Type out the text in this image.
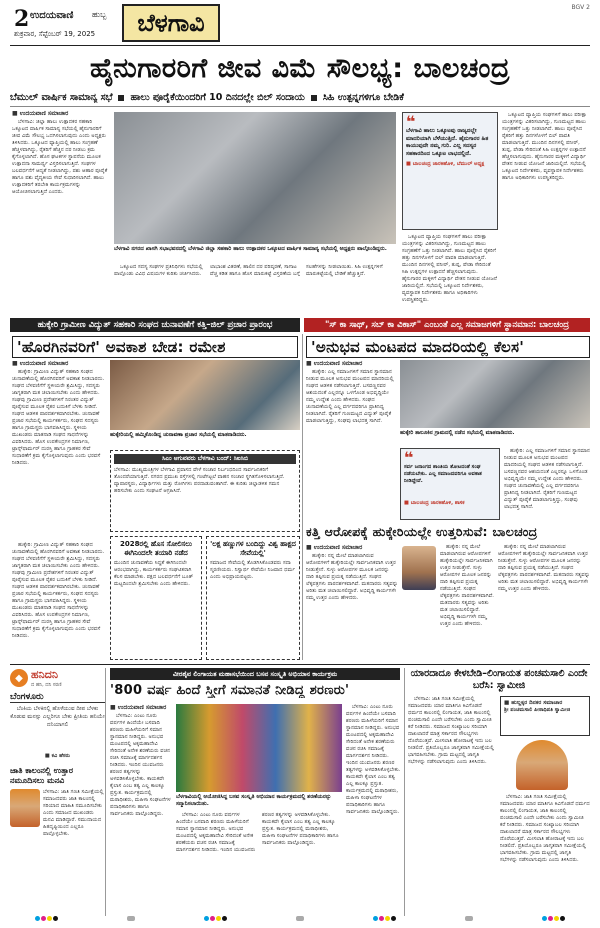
2 ಉದಯವಾಣಿ ಹುಬ್ಬ
ಶುಕ್ರವಾರ, ಸೆಪ್ಟೆಂಬರ್ 19, 2025	ಬೆಳಗಾವಿ
BGV 2
ಹೈನುಗಾರರಿಗೆ ಜೀವ ವಿಮೆ ಸೌಲಭ್ಯ: ಬಾಲಚಂದ್ರ
ಬೆಮುಲ್ ವಾರ್ಷಿಕ ಸಾಮಾನ್ಯ ಸಭೆ ಹಾಲು ಪೂರೈಕೆಯಿಂದರಿಗೆ 10 ದಿನದಲ್ಲೇ ಬಿಲ್ ಸಂದಾಯ ಸಿಹಿ ಉತ್ಪನ್ನಗಳಿಗೂ ಬೇಡಿಕೆ
■ ಉದಯವಾಣಿ ಸಮಾಚಾರ

ಬೆಳಗಾವಿ: ಜಿಲ್ಲಾ ಹಾಲು ಉತ್ಪಾದಕರ ಸಹಕಾರಿ ಒಕ್ಕೂಟದ ವಾರ್ಷಿಕ ಸಾಮಾನ್ಯ ಸಭೆಯಲ್ಲಿ ಹೈನುಗಾರರಿಗೆ ಜೀವ ವಿಮೆ ಸೌಲಭ್ಯ ಒದಗಿಸಲಾಗುವುದು ಎಂದು ಅಧ್ಯಕ್ಷರು ತಿಳಿಸಿದರು. ಒಕ್ಕೂಟದ ವ್ಯಾಪ್ತಿಯಲ್ಲಿ ಹಾಲು ಸಂಗ್ರಹಣೆ ಹೆಚ್ಚಳವಾಗಿದ್ದು, ರೈತರಿಗೆ ಹೆಚ್ಚಿನ ದರ ನೀಡಲು ಕ್ರಮ ಕೈಗೊಳ್ಳಲಾಗಿದೆ. ಹೊಸ ಘಟಕಗಳ ಸ್ಥಾಪನೆಯ ಮೂಲಕ ಉತ್ಪಾದನಾ ಸಾಮರ್ಥ್ಯ ವಿಸ್ತರಿಸಲಾಗುತ್ತಿದೆ. ಸಂಘಗಳ ಬಲವರ್ಧನೆಗೆ ಆದ್ಯತೆ ನೀಡಲಾಗಿದ್ದು, ಪಶು ಆಹಾರ ಪೂರೈಕೆ ಹಾಗೂ ಪಶು ವೈದ್ಯಕೀಯ ಸೇವೆ ಸುಧಾರಿಸಲಾಗಿದೆ. ಹಾಲು ಉತ್ಪಾದಕರಿಗೆ ತರಬೇತಿ ಕಾರ್ಯಕ್ರಮಗಳನ್ನು ಆಯೋಜಿಸಲಾಗುತ್ತಿದೆ ಎಂದರು.

ಬೆಳಗಾವಿ ನಗರದ ಖಾಸಗಿ ಸಭಾಭವನದಲ್ಲಿ ಬೆಳಗಾವಿ ಜಿಲ್ಲಾ ಸಹಕಾರಿ ಹಾಲು ಉತ್ಪಾದಕರ ಒಕ್ಕೂಟದ ವಾರ್ಷಿಕ ಸಾಮಾನ್ಯ ಸಭೆಯಲ್ಲಿ ಅಧ್ಯಕ್ಷರು ಪಾಲ್ಗೊಂಡಿದ್ದರು.

ಒಕ್ಕೂಟದ ಸದಸ್ಯ ಸಂಘಗಳ ಪ್ರತಿನಿಧಿಗಳು ಸಭೆಯಲ್ಲಿ ಪಾಲ್ಗೊಂಡು ವಿವಿಧ ವಿಷಯಗಳ ಕುರಿತು ಚರ್ಚಿಸಿದರು. ಲಾಭಾಂಶ ವಿತರಣೆ, ಹಾಲಿನ ದರ ಪರಿಷ್ಕರಣೆ, ಸಾಗಾಟ ವೆಚ್ಚ ಕಡಿತ ಹಾಗೂ ಹೊಸ ಮಾರುಕಟ್ಟೆ ವಿಸ್ತರಣೆಯ ಬಗ್ಗೆ ಸಲಹೆಗಳನ್ನು ನೀಡಲಾಯಿತು. ಸಿಹಿ ಉತ್ಪನ್ನಗಳಿಗೆ ಮಾರುಕಟ್ಟೆಯಲ್ಲಿ ಬೇಡಿಕೆ ಹೆಚ್ಚುತ್ತಿದೆ.

❝
ಬೆಳಗಾವಿ ಹಾಲು ಒಕ್ಕೂಟವು ರಾಜ್ಯದಲ್ಲೇ ಮಾದರಿಯಾಗಿ ಬೆಳೆಯುತ್ತಿದೆ. ಹೈನುಗಾರರ ಹಿತ ಕಾಯುವುದೇ ನಮ್ಮ ಗುರಿ. ಎಲ್ಲ ಸದಸ್ಯರ ಸಹಕಾರದಿಂದ ಒಕ್ಕೂಟ ಲಾಭದಲ್ಲಿದೆ.
■ ಬಾಲಚಂದ್ರ ಜಾರಕಿಹೊಳಿ, ಬೆಮುಲ್ ಅಧ್ಯಕ್ಷ

ಒಕ್ಕೂಟದ ವ್ಯಾಪ್ತಿಯ ಸಂಘಗಳಿಗೆ ಹಾಲು ಪರೀಕ್ಷಾ ಯಂತ್ರಗಳನ್ನು ವಿತರಿಸಲಾಗಿದ್ದು, ಗುಣಮಟ್ಟದ ಹಾಲು ಸಂಗ್ರಹಣೆಗೆ ಒತ್ತು ನೀಡಲಾಗಿದೆ. ಹಾಲು ಪೂರೈಸಿದ ರೈತರಿಗೆ ಹತ್ತು ದಿನಗಳೊಳಗೆ ಬಿಲ್ ಪಾವತಿ ಮಾಡಲಾಗುತ್ತಿದೆ. ಮುಂದಿನ ದಿನಗಳಲ್ಲಿ ಪನೀರ್, ತುಪ್ಪ, ಪೇಡಾ ಸೇರಿದಂತೆ ಸಿಹಿ ಉತ್ಪನ್ನಗಳ ಉತ್ಪಾದನೆ ಹೆಚ್ಚಿಸಲಾಗುವುದು. ಹೈನುಗಾರರ ಮಕ್ಕಳಿಗೆ ವಿದ್ಯಾರ್ಥಿ ವೇತನ ನೀಡುವ ಯೋಜನೆ ಜಾರಿಯಲ್ಲಿದೆ. ಸಭೆಯಲ್ಲಿ ಒಕ್ಕೂಟದ ನಿರ್ದೇಶಕರು, ವ್ಯವಸ್ಥಾಪಕ ನಿರ್ದೇಶಕರು ಹಾಗೂ ಅಧಿಕಾರಿಗಳು ಉಪಸ್ಥಿತರಿದ್ದರು.

ಒಕ್ಕೂಟದ ವ್ಯಾಪ್ತಿಯ ಸಂಘಗಳಿಗೆ ಹಾಲು ಪರೀಕ್ಷಾ ಯಂತ್ರಗಳನ್ನು ವಿತರಿಸಲಾಗಿದ್ದು, ಗುಣಮಟ್ಟದ ಹಾಲು ಸಂಗ್ರಹಣೆಗೆ ಒತ್ತು ನೀಡಲಾಗಿದೆ. ಹಾಲು ಪೂರೈಸಿದ ರೈತರಿಗೆ ಹತ್ತು ದಿನಗಳೊಳಗೆ ಬಿಲ್ ಪಾವತಿ ಮಾಡಲಾಗುತ್ತಿದೆ. ಮುಂದಿನ ದಿನಗಳಲ್ಲಿ ಪನೀರ್, ತುಪ್ಪ, ಪೇಡಾ ಸೇರಿದಂತೆ ಸಿಹಿ ಉತ್ಪನ್ನಗಳ ಉತ್ಪಾದನೆ ಹೆಚ್ಚಿಸಲಾಗುವುದು. ಹೈನುಗಾರರ ಮಕ್ಕಳಿಗೆ ವಿದ್ಯಾರ್ಥಿ ವೇತನ ನೀಡುವ ಯೋಜನೆ ಜಾರಿಯಲ್ಲಿದೆ. ಸಭೆಯಲ್ಲಿ ಒಕ್ಕೂಟದ ನಿರ್ದೇಶಕರು, ವ್ಯವಸ್ಥಾಪಕ ನಿರ್ದೇಶಕರು ಹಾಗೂ ಅಧಿಕಾರಿಗಳು ಉಪಸ್ಥಿತರಿದ್ದರು.

ಹುಕ್ಕೇರಿ ಗ್ರಾಮೀಣ ವಿದ್ಯುತ್ ಸಹಕಾರಿ ಸಂಘದ ಚುನಾವಣೆಗೆ ಕತ್ತಿ–ಜಿಲ್ ಪ್ರಚಾರ ಪ್ರಾರಂಭ	"ಸ್ ಕಾ ಸಾಥ್, ಸಬ್ ಕಾ ವಿಕಾಸ್" ಎಂಬಂತೆ ಎಲ್ಲ ಸಮಾಜಗಳಿಗೆ ಸ್ಥಾನಮಾನ: ಬಾಲಚಂದ್ರ
'ಹೊರಗಿನವರಿಗೆ' ಅವಕಾಶ ಬೇಡ: ರಮೇಶ
■ ಉದಯವಾಣಿ ಸಮಾಚಾರ

ಹುಕ್ಕೇರಿ: ಗ್ರಾಮೀಣ ವಿದ್ಯುತ್ ಸಹಕಾರಿ ಸಂಘದ ಚುನಾವಣೆಯಲ್ಲಿ ಹೊರಗಿನವರಿಗೆ ಅವಕಾಶ ನೀಡಬಾರದು. ಸಂಘದ ಬೆಳವಣಿಗೆಗೆ ಸ್ಥಳೀಯರೇ ಶ್ರಮಿಸಿದ್ದು, ಸದಸ್ಯರು ಜಾಗೃತರಾಗಿ ಮತ ಚಲಾಯಿಸಬೇಕು ಎಂದು ಹೇಳಿದರು. ಸಂಘವು ಗ್ರಾಮೀಣ ಪ್ರದೇಶಗಳಿಗೆ ನಿರಂತರ ವಿದ್ಯುತ್ ಪೂರೈಸುವ ಮೂಲಕ ರೈತರ ಬದುಕಿಗೆ ಬೆಳಕು ನೀಡಿದೆ. ಸಂಘದ ಆಡಳಿತ ಪಾರದರ್ಶಕವಾಗಿರಬೇಕು. ಚುನಾವಣೆ ಪ್ರಚಾರ ಸಭೆಯಲ್ಲಿ ಕಾರ್ಯಕರ್ತರು, ಸಂಘದ ಸದಸ್ಯರು ಹಾಗೂ ಗ್ರಾಮಸ್ಥರು ಭಾಗವಹಿಸಿದ್ದರು. ಸ್ಥಳೀಯ ಮುಖಂಡರು ಮಾತನಾಡಿ ಸಂಘದ ಸಾಧನೆಗಳನ್ನು ವಿವರಿಸಿದರು. ಹೊಸ ಉಪಕೇಂದ್ರಗಳ ನಿರ್ಮಾಣ, ಟ್ರಾನ್ಸ್‌ಫಾರ್ಮರ್ ದುರಸ್ತಿ ಹಾಗೂ ಗ್ರಾಹಕರ ಸೇವೆ ಸುಧಾರಣೆಗೆ ಕ್ರಮ ಕೈಗೊಳ್ಳಲಾಗುವುದು ಎಂದು ಭರವಸೆ ನೀಡಿದರು.

ಹುಕ್ಕೇರಿಯಲ್ಲಿ ಹಮ್ಮಿಕೊಂಡಿದ್ದ ಚುನಾವಣಾ ಪ್ರಚಾರ ಸಭೆಯಲ್ಲಿ ಮಾತನಾಡಿದರು.

ಹುಕ್ಕೇರಿ: ಗ್ರಾಮೀಣ ವಿದ್ಯುತ್ ಸಹಕಾರಿ ಸಂಘದ ಚುನಾವಣೆಯಲ್ಲಿ ಹೊರಗಿನವರಿಗೆ ಅವಕಾಶ ನೀಡಬಾರದು. ಸಂಘದ ಬೆಳವಣಿಗೆಗೆ ಸ್ಥಳೀಯರೇ ಶ್ರಮಿಸಿದ್ದು, ಸದಸ್ಯರು ಜಾಗೃತರಾಗಿ ಮತ ಚಲಾಯಿಸಬೇಕು ಎಂದು ಹೇಳಿದರು. ಸಂಘವು ಗ್ರಾಮೀಣ ಪ್ರದೇಶಗಳಿಗೆ ನಿರಂತರ ವಿದ್ಯುತ್ ಪೂರೈಸುವ ಮೂಲಕ ರೈತರ ಬದುಕಿಗೆ ಬೆಳಕು ನೀಡಿದೆ. ಸಂಘದ ಆಡಳಿತ ಪಾರದರ್ಶಕವಾಗಿರಬೇಕು. ಚುನಾವಣೆ ಪ್ರಚಾರ ಸಭೆಯಲ್ಲಿ ಕಾರ್ಯಕರ್ತರು, ಸಂಘದ ಸದಸ್ಯರು ಹಾಗೂ ಗ್ರಾಮಸ್ಥರು ಭಾಗವಹಿಸಿದ್ದರು. ಸ್ಥಳೀಯ ಮುಖಂಡರು ಮಾತನಾಡಿ ಸಂಘದ ಸಾಧನೆಗಳನ್ನು ವಿವರಿಸಿದರು. ಹೊಸ ಉಪಕೇಂದ್ರಗಳ ನಿರ್ಮಾಣ, ಟ್ರಾನ್ಸ್‌ಫಾರ್ಮರ್ ದುರಸ್ತಿ ಹಾಗೂ ಗ್ರಾಹಕರ ಸೇವೆ ಸುಧಾರಣೆಗೆ ಕ್ರಮ ಕೈಗೊಳ್ಳಲಾಗುವುದು ಎಂದು ಭರವಸೆ ನೀಡಿದರು.

ಸಿಎಂ ಆಗುವವರು ಬೆಳಗಾವಿ ಬಂದ್: ಸಿಐಸಿಬಿ
ಬೆಳಗಾವಿ: ಮುಖ್ಯಮಂತ್ರಿಗಳ ಬೆಳಗಾವಿ ಪ್ರವಾಸದ ವೇಳೆ ಸಂಚಾರ ನಿರ್ಬಂಧದಿಂದ ಸಾರ್ವಜನಿಕರಿಗೆ ತೊಂದರೆಯಾಗುತ್ತಿದೆ. ನಗರದ ಪ್ರಮುಖ ರಸ್ತೆಗಳಲ್ಲಿ ಗಂಟೆಗಟ್ಟಲೆ ವಾಹನ ಸಂಚಾರ ಸ್ಥಗಿತಗೊಳಿಸಲಾಗುತ್ತಿದೆ. ವ್ಯಾಪಾರಸ್ಥರು, ವಿದ್ಯಾರ್ಥಿಗಳು ಮತ್ತು ರೋಗಿಗಳು ಪರದಾಡುವಂತಾಗಿದೆ. ಈ ಕುರಿತು ಜಿಲ್ಲಾಡಳಿತ ಗಮನ ಹರಿಸಬೇಕು ಎಂದು ಸಂಘಟನೆ ಆಗ್ರಹಿಸಿದೆ.
2028ರಲ್ಲಿ ಹೊಸ ಸೋಲಿಸಲು ಈಗಿನಿಂದಲೇ ತಯಾರಿ ನಡೆದ
ಮುಂದಿನ ಚುನಾವಣೆಯ ಸಿದ್ಧತೆ ಈಗಿನಿಂದಲೇ ಆರಂಭವಾಗಿದ್ದು, ಕಾರ್ಯಕರ್ತರು ಸಂಘಟಿತರಾಗಿ ಕೆಲಸ ಮಾಡಬೇಕು. ಪಕ್ಷದ ಬಲವರ್ಧನೆಗೆ ಬೂತ್ ಮಟ್ಟದಿಂದಲೇ ಶ್ರಮಿಸಬೇಕು ಎಂದು ಹೇಳಿದರು.
'ಲಕ್ಷ ಹಣ್ಣುಗಳ ಬಂದಿದ್ದು ವಿಶ್ವ ಹಾಕ್ಷದ ಸೇವೆಯಲ್ಲಿ'
ಸಮಾಜದ ಸೇವೆಯಲ್ಲಿ ತೊಡಗಿಸಿಕೊಂಡವರು ಸದಾ ಸ್ಮರಣೀಯರು. ನಿಸ್ವಾರ್ಥ ಸೇವೆಯೇ ನಿಜವಾದ ಧರ್ಮ ಎಂದು ಅಭಿಪ್ರಾಯಪಟ್ಟರು.
'ಅನುಭವ ಮಂಟಪದ ಮಾದರಿಯಲ್ಲಿ ಕೆಲಸ'
■ ಉದಯವಾಣಿ ಸಮಾಚಾರ

ಹುಕ್ಕೇರಿ: ಎಲ್ಲ ಸಮಾಜಗಳಿಗೆ ಸಮಾನ ಸ್ಥಾನಮಾನ ನೀಡುವ ಮೂಲಕ ಅನುಭವ ಮಂಟಪದ ಮಾದರಿಯಲ್ಲಿ ಸಂಘದ ಆಡಳಿತ ನಡೆಸಲಾಗುತ್ತಿದೆ. ಬಸವಣ್ಣನವರ ಆಶಯದಂತೆ ಎಲ್ಲರನ್ನೂ ಒಳಗೊಂಡ ಅಭಿವೃದ್ಧಿಯೇ ನಮ್ಮ ಉದ್ದೇಶ ಎಂದು ಹೇಳಿದರು. ಸಂಘದ ಚುನಾವಣೆಯಲ್ಲಿ ಎಲ್ಲ ವರ್ಗದವರಿಗೂ ಪ್ರಾತಿನಿಧ್ಯ ನೀಡಲಾಗಿದೆ. ರೈತರಿಗೆ ಗುಣಮಟ್ಟದ ವಿದ್ಯುತ್ ಪೂರೈಕೆ ಮಾಡಲಾಗುತ್ತಿದ್ದು, ಸಂಘವು ಲಾಭದತ್ತ ಸಾಗಿದೆ.

ಹುಕ್ಕೇರಿ ತಾಲೂಕಿನ ಗ್ರಾಮದಲ್ಲಿ ನಡೆದ ಸಭೆಯಲ್ಲಿ ಮಾತನಾಡಿದರು.
❝
ಸರ್ವ ಜನಾಂಗದ ಶಾಂತಿಯ ತೋಟದಂತೆ ಸಂಘ ನಡೆಯಬೇಕು. ಎಲ್ಲ ಸಮಾಜದವರಿಗೂ ಅವಕಾಶ ನೀಡಿದ್ದೇವೆ.
■ ಬಾಲಚಂದ್ರ ಜಾರಕಿಹೊಳಿ, ಶಾಸಕ

ಹುಕ್ಕೇರಿ: ಎಲ್ಲ ಸಮಾಜಗಳಿಗೆ ಸಮಾನ ಸ್ಥಾನಮಾನ ನೀಡುವ ಮೂಲಕ ಅನುಭವ ಮಂಟಪದ ಮಾದರಿಯಲ್ಲಿ ಸಂಘದ ಆಡಳಿತ ನಡೆಸಲಾಗುತ್ತಿದೆ. ಬಸವಣ್ಣನವರ ಆಶಯದಂತೆ ಎಲ್ಲರನ್ನೂ ಒಳಗೊಂಡ ಅಭಿವೃದ್ಧಿಯೇ ನಮ್ಮ ಉದ್ದೇಶ ಎಂದು ಹೇಳಿದರು. ಸಂಘದ ಚುನಾವಣೆಯಲ್ಲಿ ಎಲ್ಲ ವರ್ಗದವರಿಗೂ ಪ್ರಾತಿನಿಧ್ಯ ನೀಡಲಾಗಿದೆ. ರೈತರಿಗೆ ಗುಣಮಟ್ಟದ ವಿದ್ಯುತ್ ಪೂರೈಕೆ ಮಾಡಲಾಗುತ್ತಿದ್ದು, ಸಂಘವು ಲಾಭದತ್ತ ಸಾಗಿದೆ.

ಕತ್ತಿ ಆರೋಪಕ್ಕೆ ಹುಕ್ಕೇರಿಯಲ್ಲೇ ಉತ್ತರಿಸುವೆ: ಬಾಲಚಂದ್ರ
■ ಉದಯವಾಣಿ ಸಮಾಚಾರ

ಹುಕ್ಕೇರಿ: ನನ್ನ ಮೇಲೆ ಮಾಡಲಾಗಿರುವ ಆರೋಪಗಳಿಗೆ ಹುಕ್ಕೇರಿಯಲ್ಲೇ ಸಾರ್ವಜನಿಕವಾಗಿ ಉತ್ತರ ನೀಡುತ್ತೇನೆ. ಸುಳ್ಳು ಆರೋಪಗಳ ಮೂಲಕ ಜನರನ್ನು ದಾರಿ ತಪ್ಪಿಸುವ ಪ್ರಯತ್ನ ನಡೆಯುತ್ತಿದೆ. ಸಂಘದ ಲೆಕ್ಕಪತ್ರಗಳು ಪಾರದರ್ಶಕವಾಗಿವೆ. ಮತದಾರರು ಸತ್ಯವನ್ನು ಅರಿತು ಮತ ಚಲಾಯಿಸಲಿದ್ದಾರೆ. ಅಭಿವೃದ್ಧಿ ಕಾರ್ಯಗಳೇ ನಮ್ಮ ಉತ್ತರ ಎಂದು ಹೇಳಿದರು.

ಹುಕ್ಕೇರಿ: ನನ್ನ ಮೇಲೆ ಮಾಡಲಾಗಿರುವ ಆರೋಪಗಳಿಗೆ ಹುಕ್ಕೇರಿಯಲ್ಲೇ ಸಾರ್ವಜನಿಕವಾಗಿ ಉತ್ತರ ನೀಡುತ್ತೇನೆ. ಸುಳ್ಳು ಆರೋಪಗಳ ಮೂಲಕ ಜನರನ್ನು ದಾರಿ ತಪ್ಪಿಸುವ ಪ್ರಯತ್ನ ನಡೆಯುತ್ತಿದೆ. ಸಂಘದ ಲೆಕ್ಕಪತ್ರಗಳು ಪಾರದರ್ಶಕವಾಗಿವೆ. ಮತದಾರರು ಸತ್ಯವನ್ನು ಅರಿತು ಮತ ಚಲಾಯಿಸಲಿದ್ದಾರೆ. ಅಭಿವೃದ್ಧಿ ಕಾರ್ಯಗಳೇ ನಮ್ಮ ಉತ್ತರ ಎಂದು ಹೇಳಿದರು.

ಹುಕ್ಕೇರಿ: ನನ್ನ ಮೇಲೆ ಮಾಡಲಾಗಿರುವ ಆರೋಪಗಳಿಗೆ ಹುಕ್ಕೇರಿಯಲ್ಲೇ ಸಾರ್ವಜನಿಕವಾಗಿ ಉತ್ತರ ನೀಡುತ್ತೇನೆ. ಸುಳ್ಳು ಆರೋಪಗಳ ಮೂಲಕ ಜನರನ್ನು ದಾರಿ ತಪ್ಪಿಸುವ ಪ್ರಯತ್ನ ನಡೆಯುತ್ತಿದೆ. ಸಂಘದ ಲೆಕ್ಕಪತ್ರಗಳು ಪಾರದರ್ಶಕವಾಗಿವೆ. ಮತದಾರರು ಸತ್ಯವನ್ನು ಅರಿತು ಮತ ಚಲಾಯಿಸಲಿದ್ದಾರೆ. ಅಭಿವೃದ್ಧಿ ಕಾರ್ಯಗಳೇ ನಮ್ಮ ಉತ್ತರ ಎಂದು ಹೇಳಿದರು.

◆ ಹನಿದನಿ
ದ ಹನಿ, ದನಿ ಸರಣಿ
ಬೆಂಗಳೂರು
ಬೆಂಕಿಯ ಬೆಳಕಿನಲ್ಲಿ ಹೊಳೆಯುವ ದೀಪ ಬೆಳಕು ಕೊಡುವ ಮನಸ್ಸು ಎಲ್ಲರಿಗೂ ಬೇಕು ಪ್ರೀತಿಯ ಹನಿಯೇ ದನಿಯಾಗಲಿ
■ ಕವಿ ಹೆಸರು
ಜಾತಿ ಕಾಲಂನಲ್ಲಿ ಉತ್ತಾರ ನಮೂದಿಸಲು ಮನವಿ
ಬೆಳಗಾವಿ: ಜಾತಿ ಗಣತಿ ಸಮೀಕ್ಷೆಯಲ್ಲಿ ಸಮಾಜದವರು ಜಾತಿ ಕಾಲಂನಲ್ಲಿ ಸರಿಯಾದ ಮಾಹಿತಿ ನಮೂದಿಸಬೇಕು ಎಂದು ಸಮಾಜದ ಮುಖಂಡರು ಮನವಿ ಮಾಡಿದ್ದಾರೆ. ಸಮುದಾಯದ ಹಿತದೃಷ್ಟಿಯಿಂದ ಎಲ್ಲರೂ ಪಾಲ್ಗೊಳ್ಳಬೇಕು.
ವೀರಶೈವ ಲಿಂಗಾಯತ ಮಹಾಸಭೆಯಿಂದ ಬಸವ ಸಂಸ್ಕೃತಿ ಅಭಿಯಾನ ಕಾರ್ಯಕ್ರಮ
'800 ವರ್ಷ ಹಿಂದೆ ಸ್ತ್ರೀಗೆ ಸಮಾನತೆ ನೀಡಿದ್ದ ಶರಣರು'
■ ಉದಯವಾಣಿ ಸಮಾಚಾರ

ಬೆಳಗಾವಿ: ಎಂಟು ನೂರು ವರ್ಷಗಳ ಹಿಂದೆಯೇ ಬಸವಾದಿ ಶರಣರು ಮಹಿಳೆಯರಿಗೆ ಸಮಾನ ಸ್ಥಾನಮಾನ ನೀಡಿದ್ದರು. ಅನುಭವ ಮಂಟಪದಲ್ಲಿ ಅಕ್ಕಮಹಾದೇವಿ ಸೇರಿದಂತೆ ಅನೇಕ ಶರಣೆಯರು ವಚನ ರಚಿಸಿ ಸಮಾಜಕ್ಕೆ ಮಾರ್ಗದರ್ಶನ ನೀಡಿದರು. ಇಂದಿನ ಯುವಜನರು ಶರಣರ ತತ್ವಗಳನ್ನು ಅಳವಡಿಸಿಕೊಳ್ಳಬೇಕು. ಕಾಯಕವೇ ಕೈಲಾಸ ಎಂಬ ತತ್ವ ಎಲ್ಲ ಕಾಲಕ್ಕೂ ಪ್ರಸ್ತುತ. ಕಾರ್ಯಕ್ರಮದಲ್ಲಿ ಮಠಾಧೀಶರು, ಮಹಿಳಾ ಸಂಘಟನೆಗಳ ಪದಾಧಿಕಾರಿಗಳು ಹಾಗೂ ಸಾರ್ವಜನಿಕರು ಪಾಲ್ಗೊಂಡಿದ್ದರು.

ಬೆಳಗಾವಿಯಲ್ಲಿ ಆಯೋಜಿಸಿದ್ದ ಬಸವ ಸಂಸ್ಕೃತಿ ಅಭಿಯಾನ ಕಾರ್ಯಕ್ರಮದಲ್ಲಿ ಶರಣೆಯರನ್ನು ಸನ್ಮಾನಿಸಲಾಯಿತು.

ಬೆಳಗಾವಿ: ಎಂಟು ನೂರು ವರ್ಷಗಳ ಹಿಂದೆಯೇ ಬಸವಾದಿ ಶರಣರು ಮಹಿಳೆಯರಿಗೆ ಸಮಾನ ಸ್ಥಾನಮಾನ ನೀಡಿದ್ದರು. ಅನುಭವ ಮಂಟಪದಲ್ಲಿ ಅಕ್ಕಮಹಾದೇವಿ ಸೇರಿದಂತೆ ಅನೇಕ ಶರಣೆಯರು ವಚನ ರಚಿಸಿ ಸಮಾಜಕ್ಕೆ ಮಾರ್ಗದರ್ಶನ ನೀಡಿದರು. ಇಂದಿನ ಯುವಜನರು ಶರಣರ ತತ್ವಗಳನ್ನು ಅಳವಡಿಸಿಕೊಳ್ಳಬೇಕು. ಕಾಯಕವೇ ಕೈಲಾಸ ಎಂಬ ತತ್ವ ಎಲ್ಲ ಕಾಲಕ್ಕೂ ಪ್ರಸ್ತುತ. ಕಾರ್ಯಕ್ರಮದಲ್ಲಿ ಮಠಾಧೀಶರು, ಮಹಿಳಾ ಸಂಘಟನೆಗಳ ಪದಾಧಿಕಾರಿಗಳು ಹಾಗೂ ಸಾರ್ವಜನಿಕರು ಪಾಲ್ಗೊಂಡಿದ್ದರು.

ಬೆಳಗಾವಿ: ಎಂಟು ನೂರು ವರ್ಷಗಳ ಹಿಂದೆಯೇ ಬಸವಾದಿ ಶರಣರು ಮಹಿಳೆಯರಿಗೆ ಸಮಾನ ಸ್ಥಾನಮಾನ ನೀಡಿದ್ದರು. ಅನುಭವ ಮಂಟಪದಲ್ಲಿ ಅಕ್ಕಮಹಾದೇವಿ ಸೇರಿದಂತೆ ಅನೇಕ ಶರಣೆಯರು ವಚನ ರಚಿಸಿ ಸಮಾಜಕ್ಕೆ ಮಾರ್ಗದರ್ಶನ ನೀಡಿದರು. ಇಂದಿನ ಯುವಜನರು ಶರಣರ ತತ್ವಗಳನ್ನು ಅಳವಡಿಸಿಕೊಳ್ಳಬೇಕು. ಕಾಯಕವೇ ಕೈಲಾಸ ಎಂಬ ತತ್ವ ಎಲ್ಲ ಕಾಲಕ್ಕೂ ಪ್ರಸ್ತುತ. ಕಾರ್ಯಕ್ರಮದಲ್ಲಿ ಮಠಾಧೀಶರು, ಮಹಿಳಾ ಸಂಘಟನೆಗಳ ಪದಾಧಿಕಾರಿಗಳು ಹಾಗೂ ಸಾರ್ವಜನಿಕರು ಪಾಲ್ಗೊಂಡಿದ್ದರು.

ಯಾರದಾದೂ ಕೇಳಬೇಡಿ–ಲಿಂಗಾಯತ ಪಂಚಮಸಾಲಿ ಎಂದೇ ಬರೆಸಿ: ಸ್ವಾಮೀಜಿ
■ ಹುಲ್ಲಕ್ಕರ ದಿನಕರ ಸಮಾಚಾರ
ಶ್ರೀ ಪಂಚಮಸಾಲಿ ಪೀಠಾಧಿಪತಿ ಸ್ವಾಮೀಜಿ

ಬೆಳಗಾವಿ: ಜಾತಿ ಗಣತಿ ಸಮೀಕ್ಷೆಯಲ್ಲಿ ಸಮಾಜದವರು ಯಾರ ಮಾತಿಗೂ ಕಿವಿಗೊಡದೆ ಧರ್ಮದ ಕಾಲಂನಲ್ಲಿ ಲಿಂಗಾಯತ, ಜಾತಿ ಕಾಲಂನಲ್ಲಿ ಪಂಚಮಸಾಲಿ ಎಂದೇ ಬರೆಸಬೇಕು ಎಂದು ಸ್ವಾಮೀಜಿ ಕರೆ ನೀಡಿದರು. ಸಮಾಜದ ಸಂಖ್ಯಾಬಲ ಸರಿಯಾಗಿ ದಾಖಲಾದರೆ ಮಾತ್ರ ಸರ್ಕಾರದ ಸೌಲಭ್ಯಗಳು ದೊರೆಯುತ್ತವೆ. ಮೀಸಲಾತಿ ಹೋರಾಟಕ್ಕೆ ಇದು ಬಲ ನೀಡಲಿದೆ. ಪ್ರತಿಯೊಬ್ಬರೂ ಜಾಗೃತರಾಗಿ ಸಮೀಕ್ಷೆಯಲ್ಲಿ ಭಾಗವಹಿಸಬೇಕು. ಗ್ರಾಮ ಮಟ್ಟದಲ್ಲಿ ಜಾಗೃತಿ ಸಭೆಗಳನ್ನು ನಡೆಸಲಾಗುವುದು ಎಂದು ತಿಳಿಸಿದರು.

ಬೆಳಗಾವಿ: ಜಾತಿ ಗಣತಿ ಸಮೀಕ್ಷೆಯಲ್ಲಿ ಸಮಾಜದವರು ಯಾರ ಮಾತಿಗೂ ಕಿವಿಗೊಡದೆ ಧರ್ಮದ ಕಾಲಂನಲ್ಲಿ ಲಿಂಗಾಯತ, ಜಾತಿ ಕಾಲಂನಲ್ಲಿ ಪಂಚಮಸಾಲಿ ಎಂದೇ ಬರೆಸಬೇಕು ಎಂದು ಸ್ವಾಮೀಜಿ ಕರೆ ನೀಡಿದರು. ಸಮಾಜದ ಸಂಖ್ಯಾಬಲ ಸರಿಯಾಗಿ ದಾಖಲಾದರೆ ಮಾತ್ರ ಸರ್ಕಾರದ ಸೌಲಭ್ಯಗಳು ದೊರೆಯುತ್ತವೆ. ಮೀಸಲಾತಿ ಹೋರಾಟಕ್ಕೆ ಇದು ಬಲ ನೀಡಲಿದೆ. ಪ್ರತಿಯೊಬ್ಬರೂ ಜಾಗೃತರಾಗಿ ಸಮೀಕ್ಷೆಯಲ್ಲಿ ಭಾಗವಹಿಸಬೇಕು. ಗ್ರಾಮ ಮಟ್ಟದಲ್ಲಿ ಜಾಗೃತಿ ಸಭೆಗಳನ್ನು ನಡೆಸಲಾಗುವುದು ಎಂದು ತಿಳಿಸಿದರು.
